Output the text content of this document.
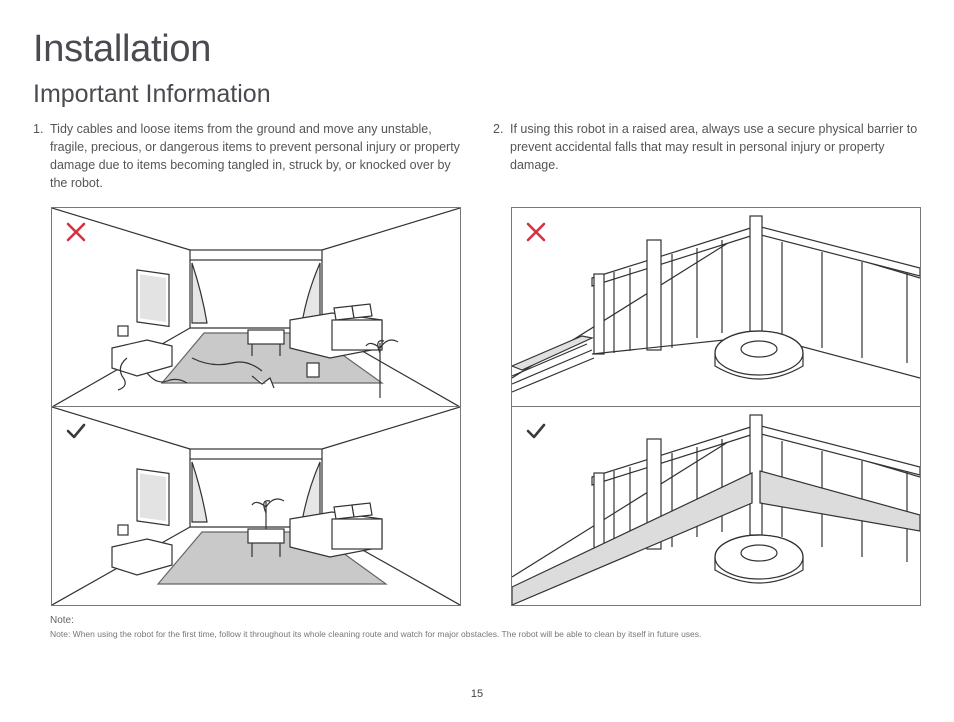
Installation
Important Information
1. Tidy cables and loose items from the ground and move any unstable, fragile, precious, or dangerous items to prevent personal injury or property damage due to items becoming tangled in, struck by, or knocked over by the robot.
2. If using this robot in a raised area, always use a secure physical barrier to prevent accidental falls that may result in personal injury or property damage.
Note:
Note: When using the robot for the first time, follow it throughout its whole cleaning route and watch for major obstacles. The robot will be able to clean by itself in future uses.
15
